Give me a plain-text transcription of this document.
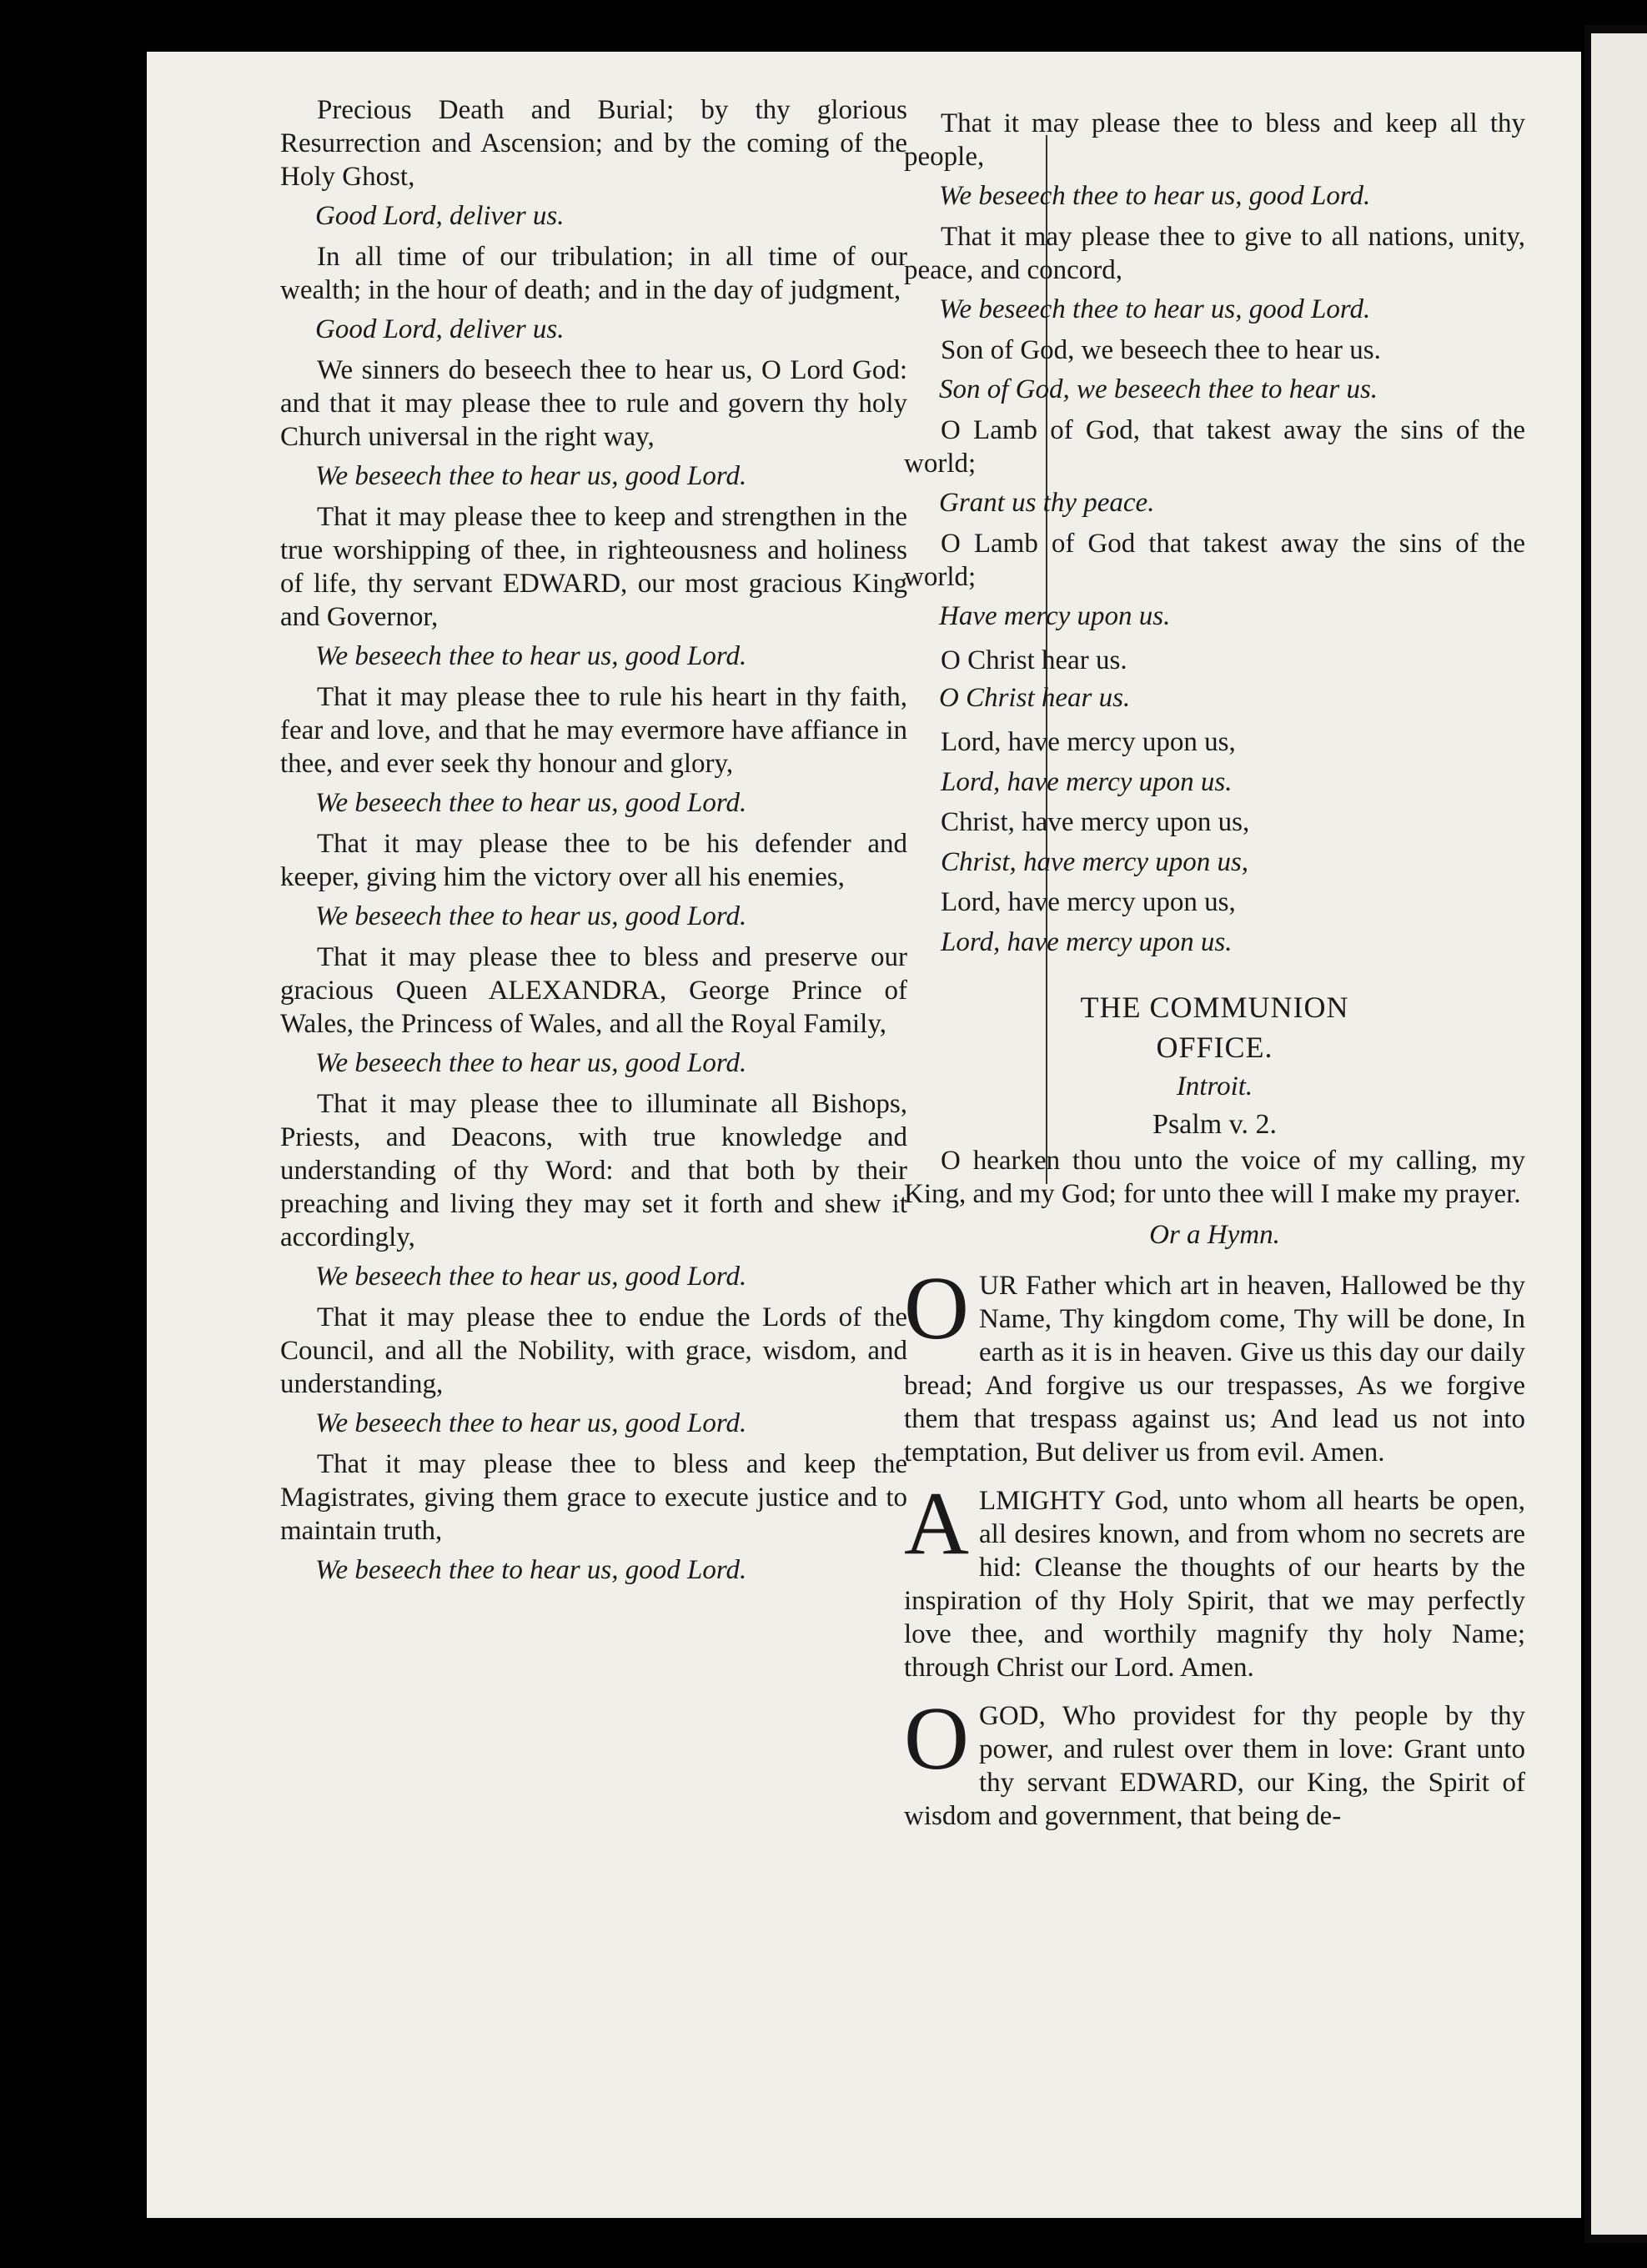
Precious Death and Burial; by thy glorious Resurrection and Ascension; and by the coming of the Holy Ghost,
Good Lord, deliver us.
In all time of our tribulation; in all time of our wealth; in the hour of death; and in the day of judgment,
Good Lord, deliver us.
We sinners do beseech thee to hear us, O Lord God: and that it may please thee to rule and govern thy holy Church universal in the right way,
We beseech thee to hear us, good Lord.
That it may please thee to keep and strengthen in the true worshipping of thee, in righteousness and holiness of life, thy servant EDWARD, our most gracious King and Governor,
We beseech thee to hear us, good Lord.
That it may please thee to rule his heart in thy faith, fear and love, and that he may evermore have affiance in thee, and ever seek thy honour and glory,
We beseech thee to hear us, good Lord.
That it may please thee to be his defender and keeper, giving him the victory over all his enemies,
We beseech thee to hear us, good Lord.
That it may please thee to bless and preserve our gracious Queen ALEXANDRA, George Prince of Wales, the Princess of Wales, and all the Royal Family,
We beseech thee to hear us, good Lord.
That it may please thee to illuminate all Bishops, Priests, and Deacons, with true knowledge and understanding of thy Word: and that both by their preaching and living they may set it forth and shew it accordingly,
We beseech thee to hear us, good Lord.
That it may please thee to endue the Lords of the Council, and all the Nobility, with grace, wisdom, and understanding,
We beseech thee to hear us, good Lord.
That it may please thee to bless and keep the Magistrates, giving them grace to execute justice and to maintain truth,
We beseech thee to hear us, good Lord.
That it may please thee to bless and keep all thy people,
We beseech thee to hear us, good Lord.
That it may please thee to give to all nations, unity, peace, and concord,
We beseech thee to hear us, good Lord.
Son of God, we beseech thee to hear us.
Son of God, we beseech thee to hear us.
O Lamb of God, that takest away the sins of the world;
Grant us thy peace.
O Lamb of God that takest away the sins of the world;
Have mercy upon us.
O Christ hear us.
O Christ hear us.
Lord, have mercy upon us,
Lord, have mercy upon us.
Christ, have mercy upon us,
Christ, have mercy upon us,
Lord, have mercy upon us,
Lord, have mercy upon us.
THE COMMUNION
OFFICE.
Introit.
Psalm v. 2.
O hearken thou unto the voice of my calling, my King, and my God; for unto thee will I make my prayer.
Or a Hymn.
OUR Father which art in heaven, Hallowed be thy Name, Thy kingdom come, Thy will be done, In earth as it is in heaven. Give us this day our daily bread; And forgive us our trespasses, As we forgive them that trespass against us; And lead us not into temptation, But deliver us from evil. Amen.
ALMIGHTY God, unto whom all hearts be open, all desires known, and from whom no secrets are hid: Cleanse the thoughts of our hearts by the inspiration of thy Holy Spirit, that we may perfectly love thee, and worthily magnify thy holy Name; through Christ our Lord. Amen.
OGOD, Who providest for thy people by thy power, and rulest over them in love: Grant unto thy servant EDWARD, our King, the Spirit of wisdom and government, that being de-
